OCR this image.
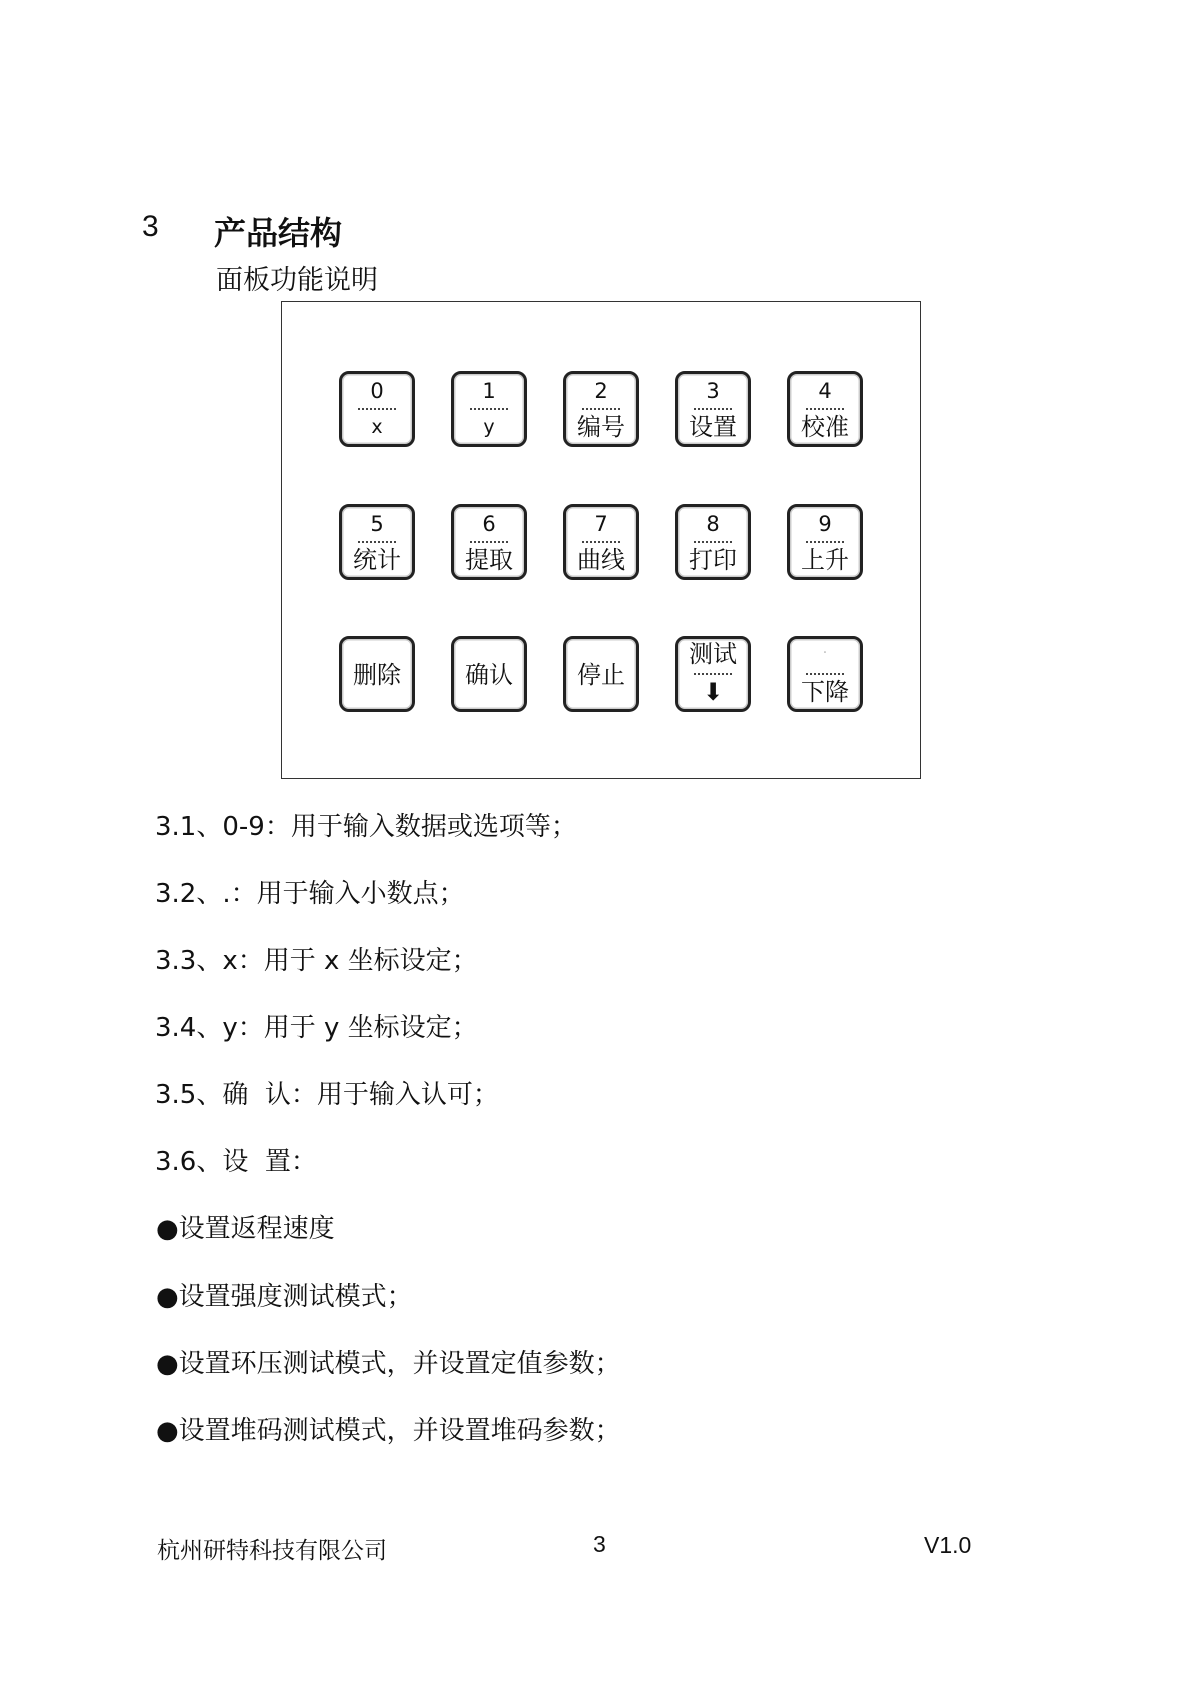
3 产品结构
面板功能说明
0
x
1
y
2
编号
3
设置
4
校准
5
统计
6
提取
7
曲线
8
打印
9
上升
删除	确认	停止
测试
⬇
·
下降
3.1、0-9：用于输入数据或选项等；
3.2、.：用于输入小数点；
3.3、x：用于 x 坐标设定；
3.4、y：用于 y 坐标设定；
3.5、确  认：用于输入认可；
3.6、设  置：
●设置返程速度
●设置强度测试模式；
●设置环压测试模式，并设置定值参数；
●设置堆码测试模式，并设置堆码参数；
杭州研特科技有限公司	3	V1.0
